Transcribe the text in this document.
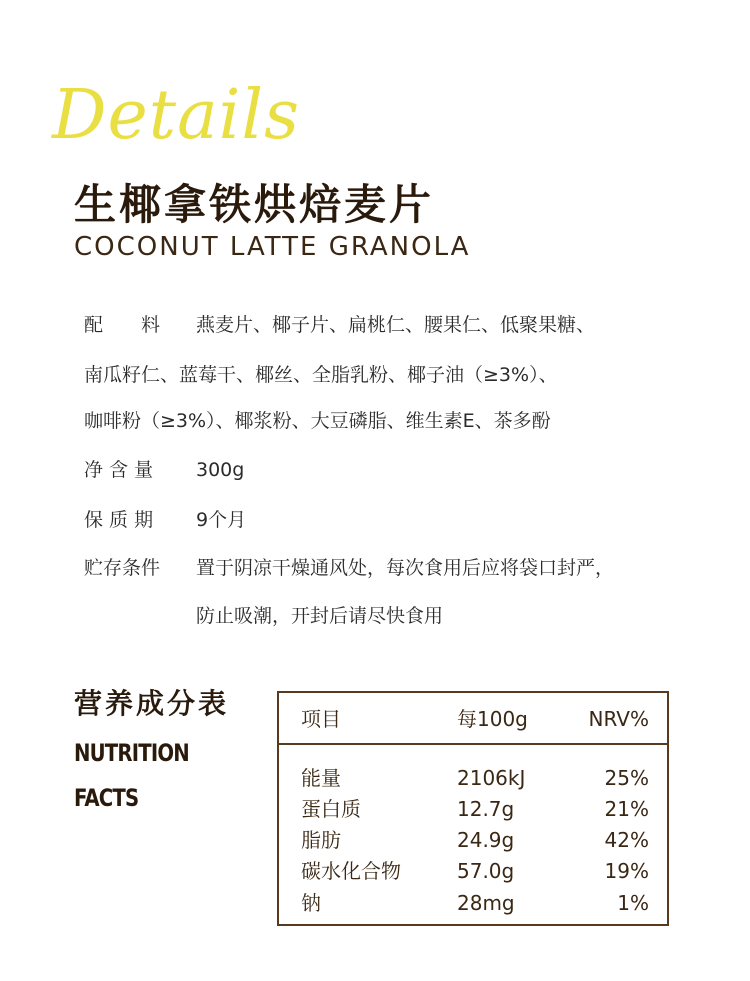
Details
生椰拿铁烘焙麦片
COCONUT LATTE GRANOLA
配　　料 燕麦片、椰子片、扁桃仁、腰果仁、低聚果糖、
南瓜籽仁、蓝莓干、椰丝、全脂乳粉、椰子油（≥3%）、
咖啡粉（≥3%）、椰浆粉、大豆磷脂、维生素E、茶多酚
净 含 量 300g
保 质 期 9个月
贮存条件 置于阴凉干燥通风处，每次食用后应将袋口封严，
防止吸潮，开封后请尽快食用
营养成分表
NUTRITION
FACTS
项目	每100g	NRV%
能量	2106kJ	25%
蛋白质	12.7g	21%
脂肪	24.9g	42%
碳水化合物	57.0g	19%
钠	28mg	1%
